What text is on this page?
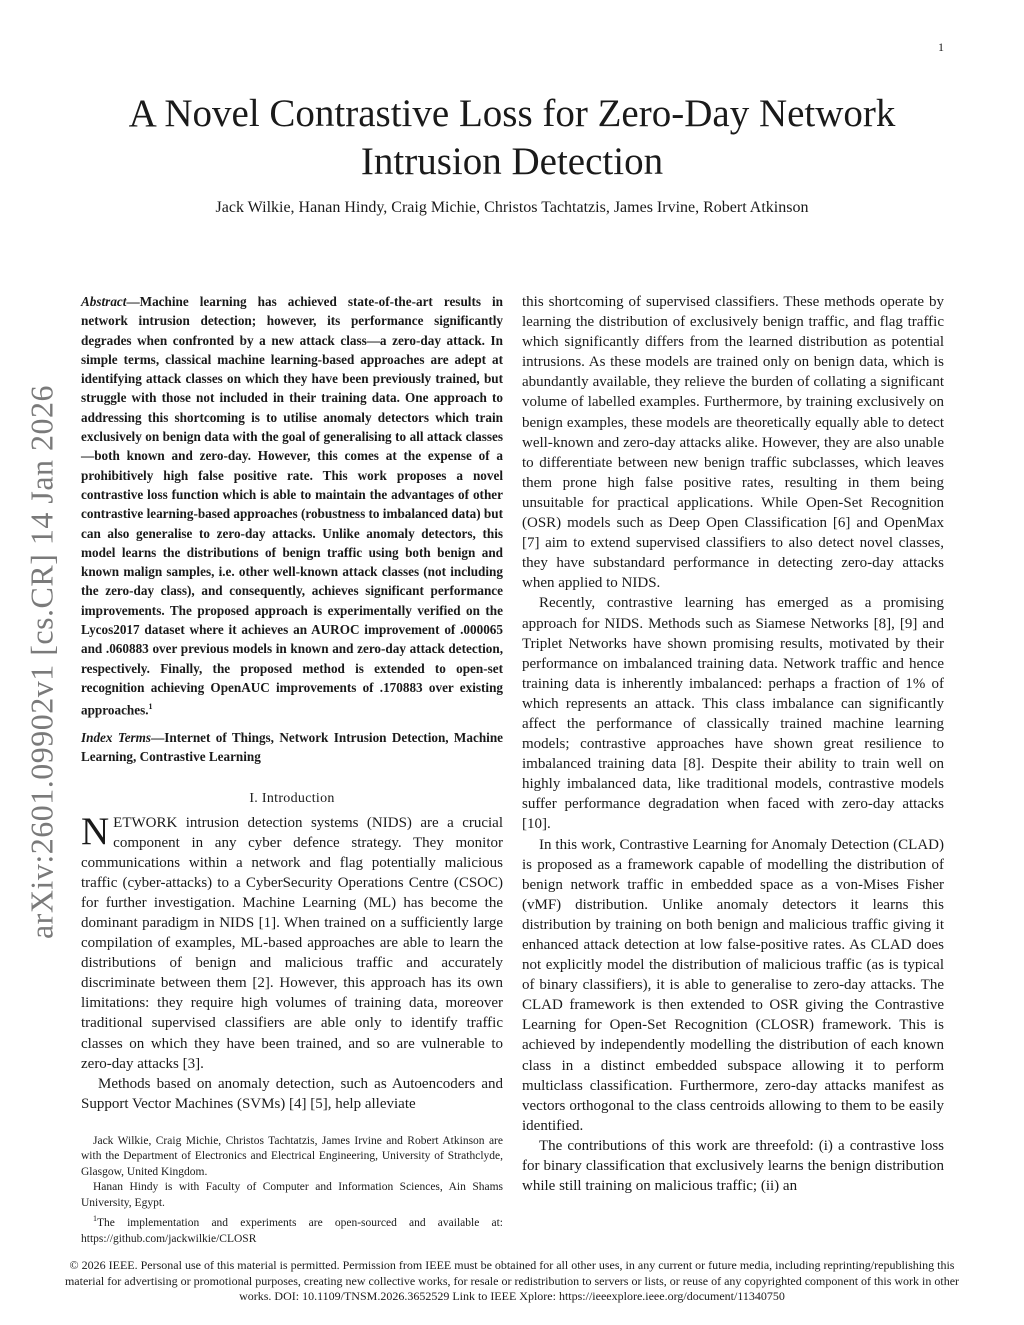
1
arXiv:2601.09902v1 [cs.CR] 14 Jan 2026
A Novel Contrastive Loss for Zero-Day Network Intrusion Detection
Jack Wilkie, Hanan Hindy, Craig Michie, Christos Tachtatzis, James Irvine, Robert Atkinson

Abstract—Machine learning has achieved state-of-the-art results in network intrusion detection; however, its performance significantly degrades when confronted by a new attack class—a zero-day attack. In simple terms, classical machine learning-based approaches are adept at identifying attack classes on which they have been previously trained, but struggle with those not included in their training data. One approach to addressing this shortcoming is to utilise anomaly detectors which train exclusively on benign data with the goal of generalising to all attack classes—both known and zero-day. However, this comes at the expense of a prohibitively high false positive rate. This work proposes a novel contrastive loss function which is able to maintain the advantages of other contrastive learning-based approaches (robustness to imbalanced data) but can also generalise to zero-day attacks. Unlike anomaly detectors, this model learns the distributions of benign traffic using both benign and known malign samples, i.e. other well-known attack classes (not including the zero-day class), and consequently, achieves significant performance improvements. The proposed approach is experimentally verified on the Lycos2017 dataset where it achieves an AUROC improvement of .000065 and .060883 over previous models in known and zero-day attack detection, respectively. Finally, the proposed method is extended to open-set recognition achieving OpenAUC improvements of .170883 over existing approaches.$^1$

Index Terms—Internet of Things, Network Intrusion Detection, Machine Learning, Contrastive Learning

I. Introduction

NETWORK intrusion detection systems (NIDS) are a crucial component in any cyber defence strategy. They monitor communications within a network and flag potentially malicious traffic (cyber-attacks) to a CyberSecurity Operations Centre (CSOC) for further investigation. Machine Learning (ML) has become the dominant paradigm in NIDS [1]. When trained on a sufficiently large compilation of examples, ML-based approaches are able to learn the distributions of benign and malicious traffic and accurately discriminate between them [2]. However, this approach has its own limitations: they require high volumes of training data, moreover traditional supervised classifiers are able only to identify traffic classes on which they have been trained, and so are vulnerable to zero-day attacks [3].

Methods based on anomaly detection, such as Autoencoders and Support Vector Machines (SVMs) [4] [5], help alleviate

Jack Wilkie, Craig Michie, Christos Tachtatzis, James Irvine and Robert Atkinson are with the Department of Electronics and Electrical Engineering, University of Strathclyde, Glasgow, United Kingdom.

Hanan Hindy is with Faculty of Computer and Information Sciences, Ain Shams University, Egypt.

$^1$The implementation and experiments are open-sourced and available at: https://github.com/jackwilkie/CLOSR

this shortcoming of supervised classifiers. These methods operate by learning the distribution of exclusively benign traffic, and flag traffic which significantly differs from the learned distribution as potential intrusions. As these models are trained only on benign data, which is abundantly available, they relieve the burden of collating a significant volume of labelled examples. Furthermore, by training exclusively on benign examples, these models are theoretically equally able to detect well-known and zero-day attacks alike. However, they are also unable to differentiate between new benign traffic subclasses, which leaves them prone high false positive rates, resulting in them being unsuitable for practical applications. While Open-Set Recognition (OSR) models such as Deep Open Classification [6] and OpenMax [7] aim to extend supervised classifiers to also detect novel classes, they have substandard performance in detecting zero-day attacks when applied to NIDS.

Recently, contrastive learning has emerged as a promising approach for NIDS. Methods such as Siamese Networks [8], [9] and Triplet Networks have shown promising results, motivated by their performance on imbalanced training data. Network traffic and hence training data is inherently imbalanced: perhaps a fraction of 1% of which represents an attack. This class imbalance can significantly affect the performance of classically trained machine learning models; contrastive approaches have shown great resilience to imbalanced training data [8]. Despite their ability to train well on highly imbalanced data, like traditional models, contrastive models suffer performance degradation when faced with zero-day attacks [10].

In this work, Contrastive Learning for Anomaly Detection (CLAD) is proposed as a framework capable of modelling the distribution of benign network traffic in embedded space as a von-Mises Fisher (vMF) distribution. Unlike anomaly detectors it learns this distribution by training on both benign and malicious traffic giving it enhanced attack detection at low false-positive rates. As CLAD does not explicitly model the distribution of malicious traffic (as is typical of binary classifiers), it is able to generalise to zero-day attacks. The CLAD framework is then extended to OSR giving the Contrastive Learning for Open-Set Recognition (CLOSR) framework. This is achieved by independently modelling the distribution of each known class in a distinct embedded subspace allowing it to perform multiclass classification. Furthermore, zero-day attacks manifest as vectors orthogonal to the class centroids allowing to them to be easily identified.

The contributions of this work are threefold: (i) a contrastive loss for binary classification that exclusively learns the benign distribution while still training on malicious traffic; (ii) an

© 2026 IEEE. Personal use of this material is permitted. Permission from IEEE must be obtained for all other uses, in any current or future media, including reprinting/republishing this material for advertising or promotional purposes, creating new collective works, for resale or redistribution to servers or lists, or reuse of any copyrighted component of this work in other works. DOI: 10.1109/TNSM.2026.3652529 Link to IEEE Xplore: https://ieeexplore.ieee.org/document/11340750
